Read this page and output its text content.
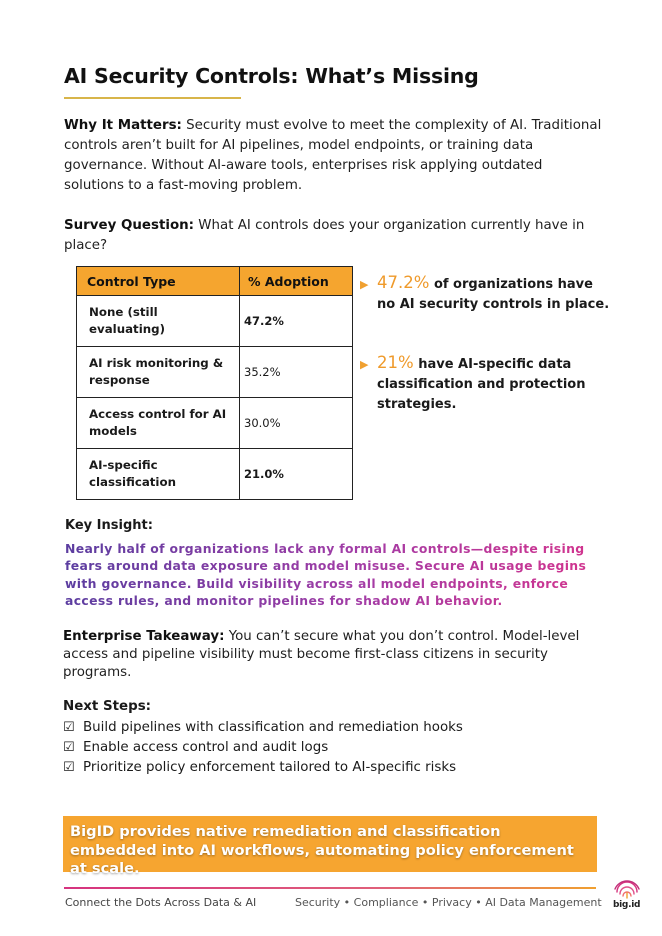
AI Security Controls: What’s Missing
Why It Matters: Security must evolve to meet the complexity of AI. Traditional controls aren’t built for AI pipelines, model endpoints, or training data governance. Without AI-aware tools, enterprises risk applying outdated solutions to a fast-moving problem.
Survey Question: What AI controls does your organization currently have in place?
Control Type	% Adoption
None (still evaluating)	47.2%
AI risk monitoring & response	35.2%
Access control for AI models	30.0%
AI-specific classification	21.0%
▶ 47.2% of organizations have no AI security controls in place.
▶ 21% have AI-specific data classification and protection strategies.
Key Insight:
Nearly half of organizations lack any formal AI controls—despite rising fears around data exposure and model misuse. Secure AI usage begins with governance. Build visibility across all model endpoints, enforce access rules, and monitor pipelines for shadow AI behavior.
Enterprise Takeaway: You can’t secure what you don’t control. Model-level access and pipeline visibility must become first-class citizens in security programs.
Next Steps:
☑ Build pipelines with classification and remediation hooks
☑ Enable access control and audit logs
☑ Prioritize policy enforcement tailored to AI-specific risks
BigID provides native remediation and classification embedded into AI workflows, automating policy enforcement at scale.
Connect the Dots Across Data & AI	Security • Compliance • Privacy • AI Data Management big.id
